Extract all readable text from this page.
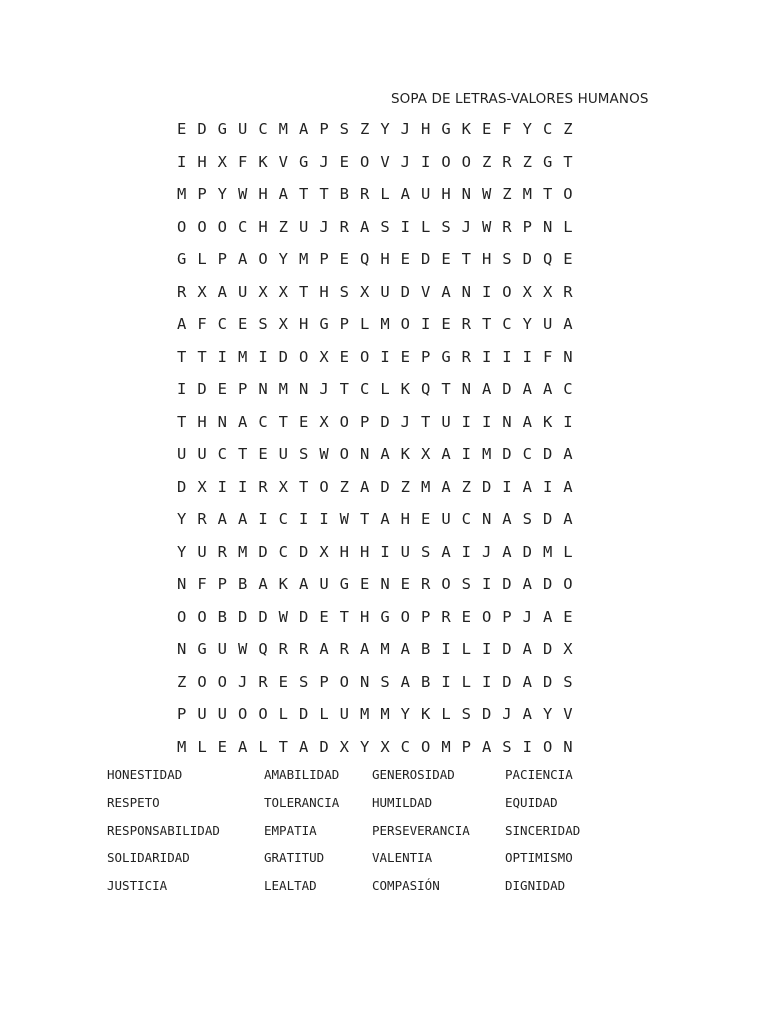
SOPA DE LETRAS-VALORES HUMANOS
EDGUCMAPSZYJHGKEFYCZ
IHXFKVGJEOVJIOOZRZGT
MPYWHATTBRLAUHNWZMTO
OOOCHZUJRASILSJWRPNL
GLPAOYMPEQHEDETHSDQE
RXAUXXTHSXUDVANIOXXR
AFCESXHGPLMOIERTCYUA
TTIMIDOXEOIEPGRIIIFN
IDEPNMNJTCLKQTNADAAC
THNACTEXOPDJTUIINAKI
UUCTEUSWONAKXAIMDCDA
DXIIRXTOZADZMAZDIAIA
YRAAICIIWTAHEUCNASDA
YURMDCDXHHIUSAIJADML
NFPBAKAUGENEROSIDADO
OOBDDWDETHGOPREOPJAE
NGUWQRRARAMABILIDADX
ZOOJRESPONSABILIDADS
PUUOOLDLUMMYKLSDJAYV
MLEALTADXYXCOMPASION
HONESTIDAD	AMABILIDAD	GENEROSIDAD	PACIENCIA
RESPETO	TOLERANCIA	HUMILDAD	EQUIDAD
RESPONSABILIDAD	EMPATIA	PERSEVERANCIA	SINCERIDAD
SOLIDARIDAD	GRATITUD	VALENTIA	OPTIMISMO
JUSTICIA	LEALTAD	COMPASIÓN	DIGNIDAD
